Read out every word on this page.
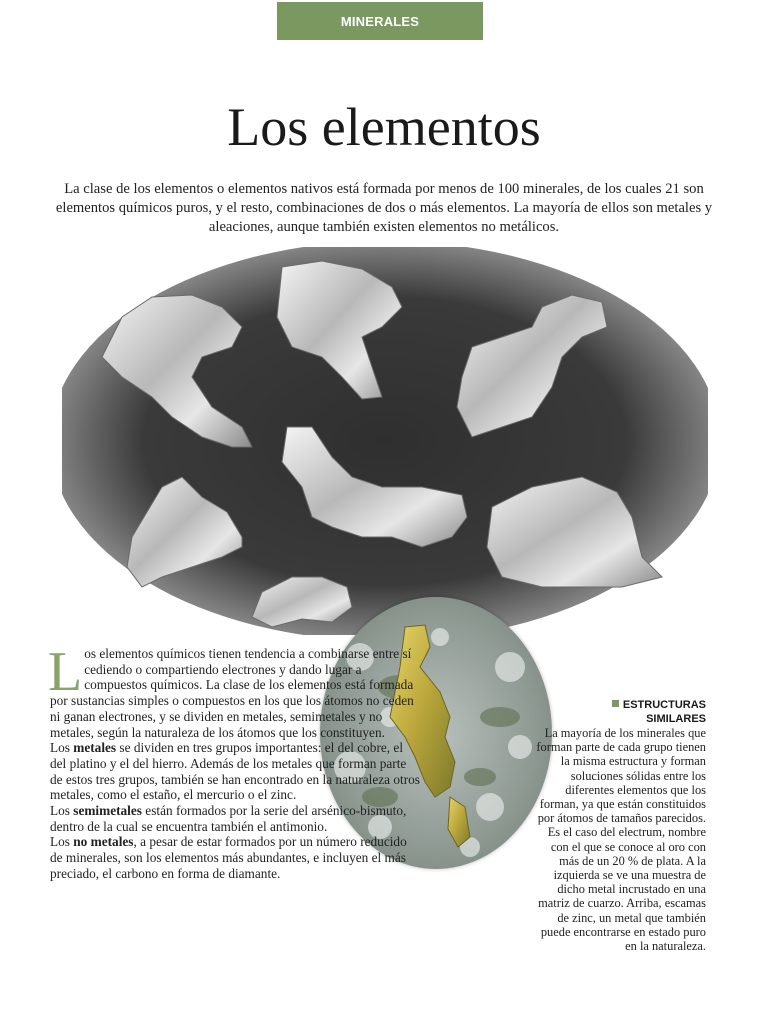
MINERALES
Los elementos

La clase de los elementos o elementos nativos está formada por menos de 100 minerales, de los cuales 21 son elementos químicos puros, y el resto, combinaciones de dos o más elementos. La mayoría de ellos son metales y aleaciones, aunque también existen elementos no metálicos.

Los elementos químicos tienen tendencia a combinarse entre sí cediendo o compartiendo electrones y dando lugar a compuestos químicos. La clase de los elementos está formada por sustancias simples o compuestos en los que los átomos no ceden ni ganan electrones, y se dividen en metales, semimetales y no metales, según la naturaleza de los átomos que los constituyen.

Los metales se dividen en tres grupos importantes: el del cobre, el del platino y el del hierro. Además de los metales que forman parte de estos tres grupos, también se han encontrado en la naturaleza otros metales, como el estaño, el mercurio o el zinc.

Los semimetales están formados por la serie del arsénico-bismuto, dentro de la cual se encuentra también el antimonio.

Los no metales, a pesar de estar formados por un número reducido de minerales, son los elementos más abundantes, e incluyen el más preciado, el carbono en forma de diamante.

ESTRUCTURAS
SIMILARES
La mayoría de los minerales que forman parte de cada grupo tienen la misma estructura y forman soluciones sólidas entre los diferentes elementos que los forman, ya que están constituidos por átomos de tamaños parecidos. Es el caso del electrum, nombre con el que se conoce al oro con más de un 20 % de plata. A la izquierda se ve una muestra de dicho metal incrustado en una matriz de cuarzo. Arriba, escamas de zinc, un metal que también puede encontrarse en estado puro en la naturaleza.
